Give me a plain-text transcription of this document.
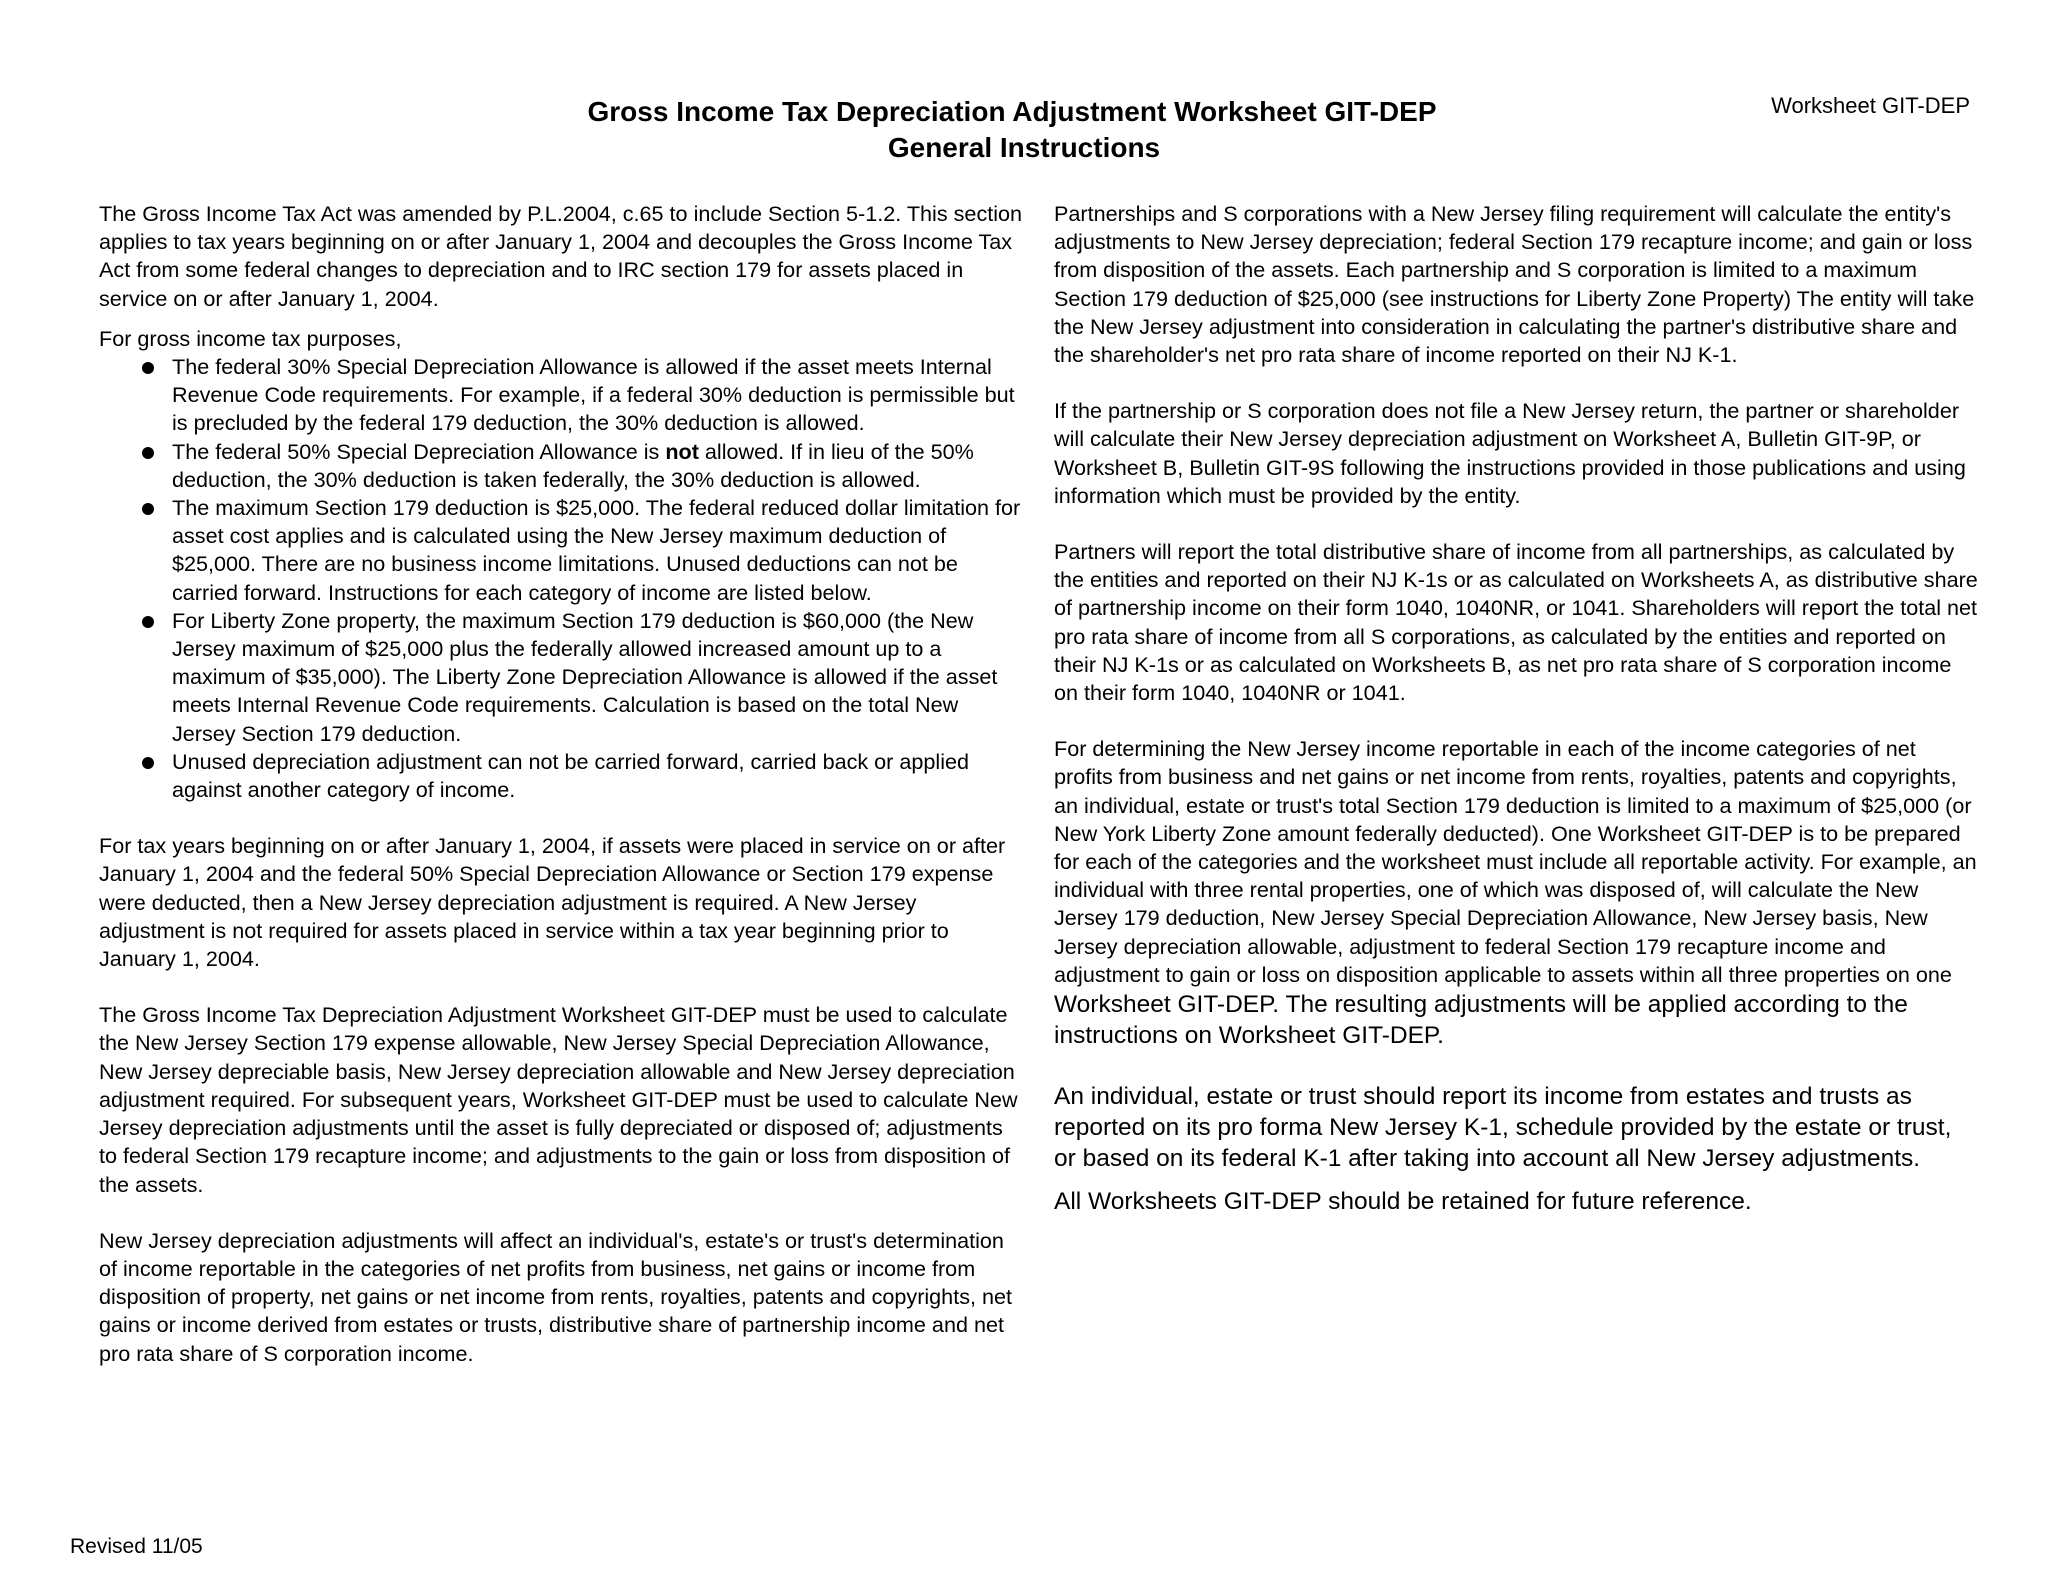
Gross Income Tax Depreciation Adjustment Worksheet GIT-DEP
General Instructions
Worksheet GIT-DEP

The Gross Income Tax Act was amended by P.L.2004, c.65 to include Section 5-1.2. This section applies to tax years beginning on or after January 1, 2004 and decouples the Gross Income Tax Act from some federal changes to depreciation and to IRC section 179 for assets placed in service on or after January 1, 2004.

For gross income tax purposes,

The federal 30% Special Depreciation Allowance is allowed if the asset meets Internal Revenue Code requirements. For example, if a federal 30% deduction is permissible but is precluded by the federal 179 deduction, the 30% deduction is allowed.
The federal 50% Special Depreciation Allowance is not allowed. If in lieu of the 50% deduction, the 30% deduction is taken federally, the 30% deduction is allowed.
The maximum Section 179 deduction is $25,000. The federal reduced dollar limitation for asset cost applies and is calculated using the New Jersey maximum deduction of $25,000. There are no business income limitations. Unused deductions can not be carried forward. Instructions for each category of income are listed below.
For Liberty Zone property, the maximum Section 179 deduction is $60,000 (the New Jersey maximum of $25,000 plus the federally allowed increased amount up to a maximum of $35,000). The Liberty Zone Depreciation Allowance is allowed if the asset meets Internal Revenue Code requirements. Calculation is based on the total New Jersey Section 179 deduction.
Unused depreciation adjustment can not be carried forward, carried back or applied against another category of income.

For tax years beginning on or after January 1, 2004, if assets were placed in service on or after January 1, 2004 and the federal 50% Special Depreciation Allowance or Section 179 expense were deducted, then a New Jersey depreciation adjustment is required. A New Jersey adjustment is not required for assets placed in service within a tax year beginning prior to January 1, 2004.

The Gross Income Tax Depreciation Adjustment Worksheet GIT-DEP must be used to calculate the New Jersey Section 179 expense allowable, New Jersey Special Depreciation Allowance, New Jersey depreciable basis, New Jersey depreciation allowable and New Jersey depreciation adjustment required. For subsequent years, Worksheet GIT-DEP must be used to calculate New Jersey depreciation adjustments until the asset is fully depreciated or disposed of; adjustments to federal Section 179 recapture income; and adjustments to the gain or loss from disposition of the assets.

New Jersey depreciation adjustments will affect an individual's, estate's or trust's determination of income reportable in the categories of net profits from business, net gains or income from disposition of property, net gains or net income from rents, royalties, patents and copyrights, net gains or income derived from estates or trusts, distributive share of partnership income and net pro rata share of S corporation income.

Partnerships and S corporations with a New Jersey filing requirement will calculate the entity's adjustments to New Jersey depreciation; federal Section 179 recapture income; and gain or loss from disposition of the assets. Each partnership and S corporation is limited to a maximum Section 179 deduction of $25,000 (see instructions for Liberty Zone Property) The entity will take the New Jersey adjustment into consideration in calculating the partner's distributive share and the shareholder's net pro rata share of income reported on their NJ K-1.

If the partnership or S corporation does not file a New Jersey return, the partner or shareholder will calculate their New Jersey depreciation adjustment on Worksheet A, Bulletin GIT-9P, or Worksheet B, Bulletin GIT-9S following the instructions provided in those publications and using information which must be provided by the entity.

Partners will report the total distributive share of income from all partnerships, as calculated by the entities and reported on their NJ K-1s or as calculated on Worksheets A, as distributive share of partnership income on their form 1040, 1040NR, or 1041. Shareholders will report the total net pro rata share of income from all S corporations, as calculated by the entities and reported on their NJ K-1s or as calculated on Worksheets B, as net pro rata share of S corporation income on their form 1040, 1040NR or 1041.

For determining the New Jersey income reportable in each of the income categories of net profits from business and net gains or net income from rents, royalties, patents and copyrights, an individual, estate or trust's total Section 179 deduction is limited to a maximum of $25,000 (or New York Liberty Zone amount federally deducted). One Worksheet GIT-DEP is to be prepared for each of the categories and the worksheet must include all reportable activity. For example, an individual with three rental properties, one of which was disposed of, will calculate the New Jersey 179 deduction, New Jersey Special Depreciation Allowance, New Jersey basis, New Jersey depreciation allowable, adjustment to federal Section 179 recapture income and adjustment to gain or loss on disposition applicable to assets within all three properties on one Worksheet GIT-DEP. The resulting adjustments will be applied according to the instructions on Worksheet GIT-DEP.

An individual, estate or trust should report its income from estates and trusts as reported on its pro forma New Jersey K-1, schedule provided by the estate or trust, or based on its federal K-1 after taking into account all New Jersey adjustments.

All Worksheets GIT-DEP should be retained for future reference.

Revised 11/05
